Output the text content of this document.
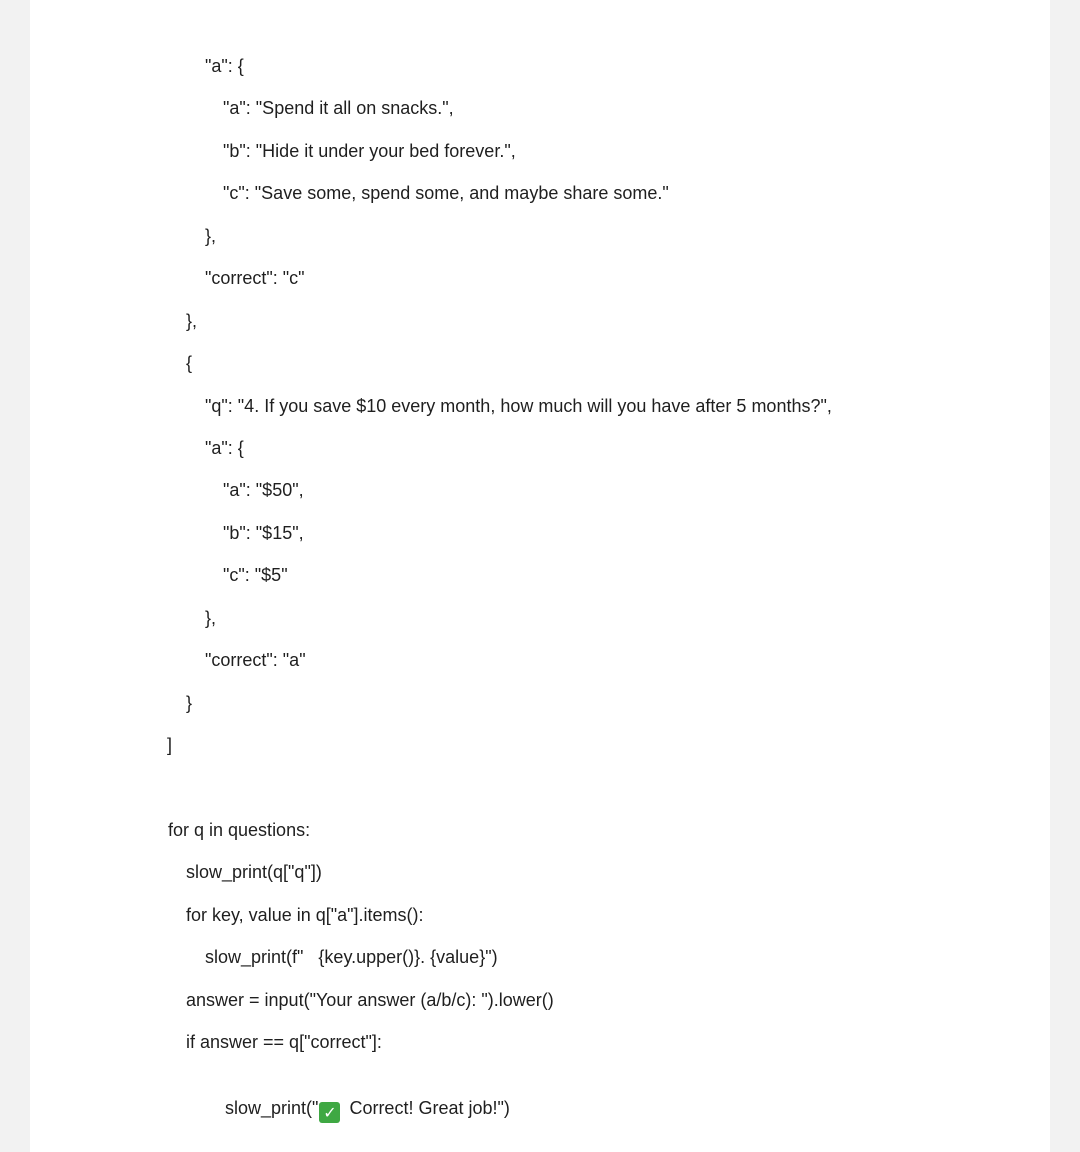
"a": {
"a": "Spend it all on snacks.",
"b": "Hide it under your bed forever.",
"c": "Save some, spend some, and maybe share some."
},
"correct": "c"
},
{
"q": "4. If you save $10 every month, how much will you have after 5 months?",
"a": {
"a": "$50",
"b": "$15",
"c": "$5"
},
"correct": "a"
}
]
for q in questions:
slow_print(q["q"])
for key, value in q["a"].items():
slow_print(f"   {key.upper()}. {value}")
answer = input("Your answer (a/b/c): ").lower()
if answer == q["correct"]:

slow_print(" ✓ Correct! Great job!")
